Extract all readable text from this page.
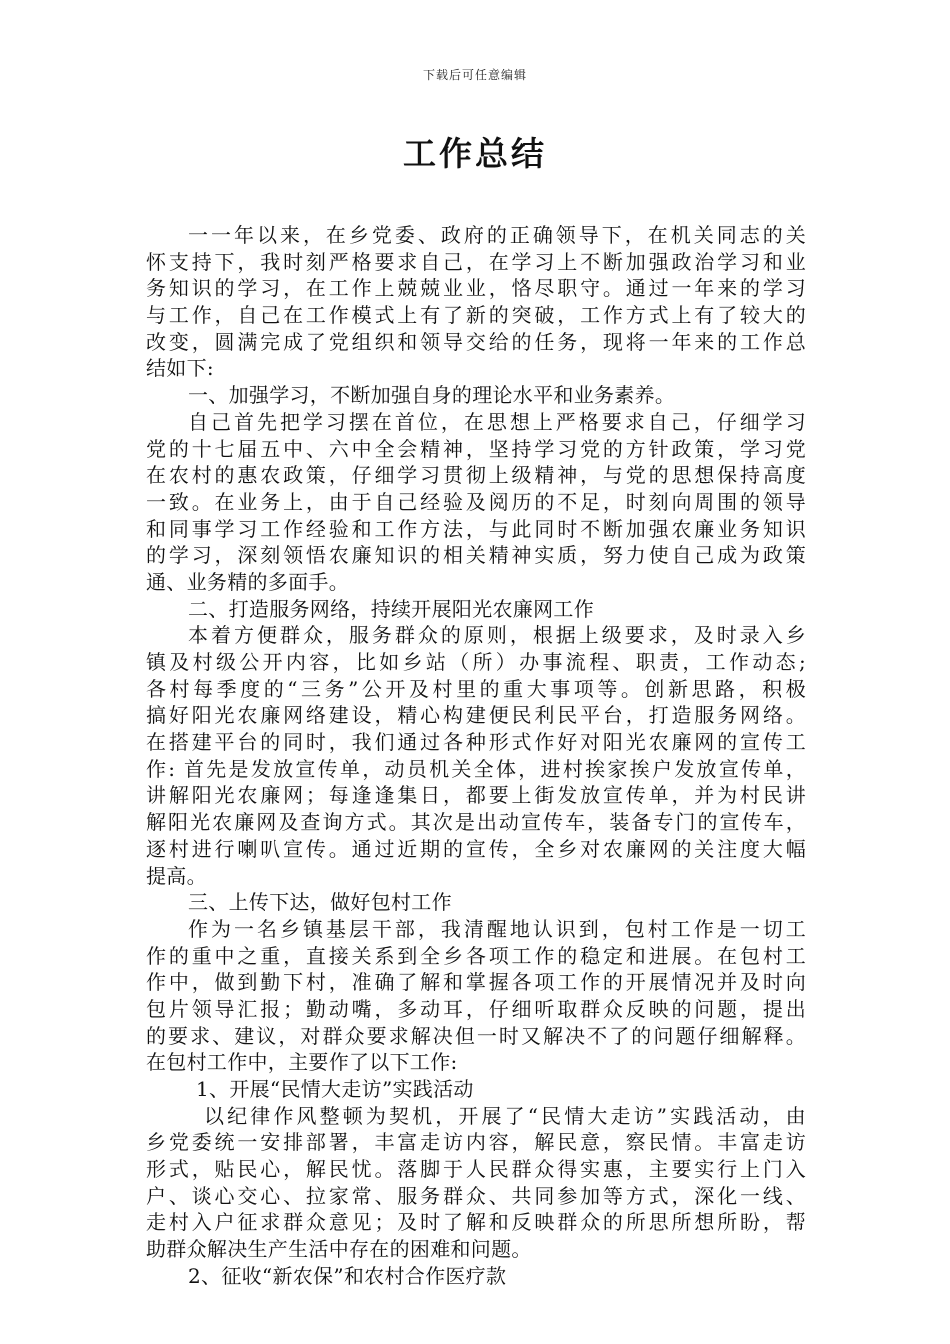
下载后可任意编辑
工作总结
一一年以来，在乡党委、政府的正确领导下，在机关同志的关
怀支持下，我时刻严格要求自己，在学习上不断加强政治学习和业
务知识的学习，在工作上兢兢业业，恪尽职守。通过一年来的学习
与工作，自己在工作模式上有了新的突破，工作方式上有了较大的
改变，圆满完成了党组织和领导交给的任务，现将一年来的工作总
结如下:
一、加强学习，不断加强自身的理论水平和业务素养。
自己首先把学习摆在首位，在思想上严格要求自己，仔细学习
党的十七届五中、六中全会精神，坚持学习党的方针政策，学习党
在农村的惠农政策，仔细学习贯彻上级精神，与党的思想保持高度
一致。在业务上，由于自己经验及阅历的不足，时刻向周围的领导
和同事学习工作经验和工作方法，与此同时不断加强农廉业务知识
的学习，深刻领悟农廉知识的相关精神实质，努力使自己成为政策
通、业务精的多面手。
二、打造服务网络，持续开展阳光农廉网工作
本着方便群众，服务群众的原则，根据上级要求，及时录入乡
镇及村级公开内容，比如乡站（所）办事流程、职责，工作动态;
各村每季度的“三务”公开及村里的重大事项等。创新思路，积极
搞好阳光农廉网络建设，精心构建便民利民平台，打造服务网络。
在搭建平台的同时，我们通过各种形式作好对阳光农廉网的宣传工
作: 首先是发放宣传单，动员机关全体，进村挨家挨户发放宣传单，
讲解阳光农廉网；每逢逢集日，都要上街发放宣传单，并为村民讲
解阳光农廉网及查询方式。其次是出动宣传车，装备专门的宣传车，
逐村进行喇叭宣传。通过近期的宣传，全乡对农廉网的关注度大幅
提高。
三、上传下达，做好包村工作
作为一名乡镇基层干部，我清醒地认识到，包村工作是一切工
作的重中之重，直接关系到全乡各项工作的稳定和进展。在包村工
作中，做到勤下村，准确了解和掌握各项工作的开展情况并及时向
包片领导汇报；勤动嘴，多动耳，仔细听取群众反映的问题，提出
的要求、建议，对群众要求解决但一时又解决不了的问题仔细解释。
在包村工作中，主要作了以下工作:
1、开展“民情大走访”实践活动
以纪律作风整顿为契机，开展了“民情大走访”实践活动，由
乡党委统一安排部署，丰富走访内容，解民意，察民情。丰富走访
形式，贴民心，解民忧。落脚于人民群众得实惠，主要实行上门入
户、谈心交心、拉家常、服务群众、共同参加等方式，深化一线、
走村入户征求群众意见；及时了解和反映群众的所思所想所盼，帮
助群众解决生产生活中存在的困难和问题。
2、征收“新农保”和农村合作医疗款
